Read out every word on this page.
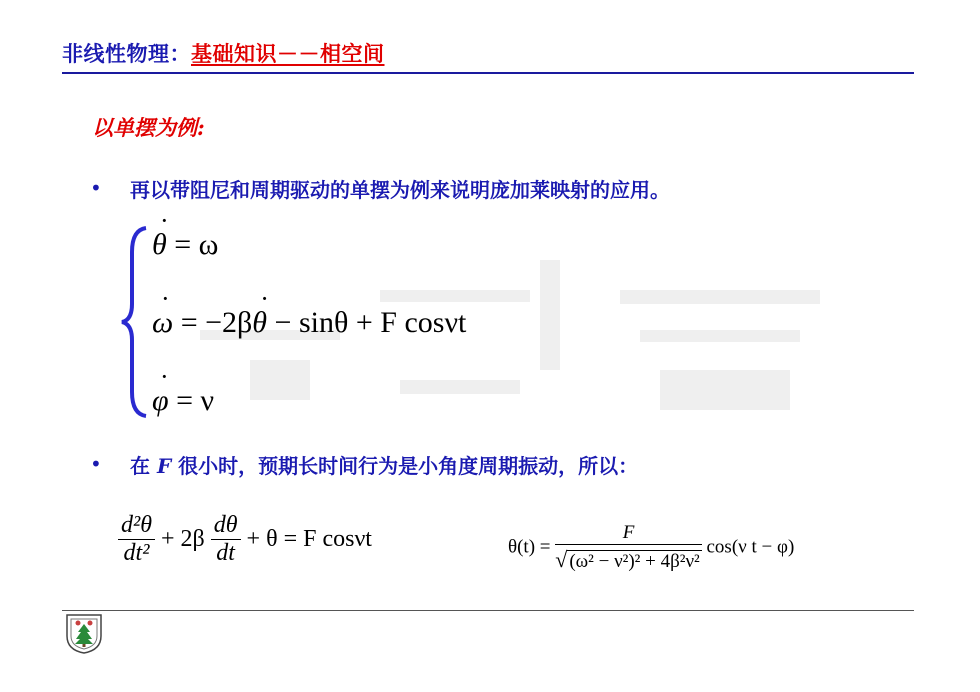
非线性物理：基础知识－－相空间
以单摆为例:
• 再以带阻尼和周期驱动的单摆为例来说明庞加莱映射的应用。
θ
·
= ω
ω
·
= −2βθ
·
− sinθ + F cosνt
φ
·
= ν
• 在 F 很小时，预期长时间行为是小角度周期振动，所以：
$\frac{\text{d²θ}}{\text{dt²}} + 2\beta \frac{d\theta}{dt} + \theta = F$ cosνt	$\theta(t) = \frac{F}{\text{√ (ω² − ν²)² + 4β²ν²}} \cos(\nu$ t − φ)
